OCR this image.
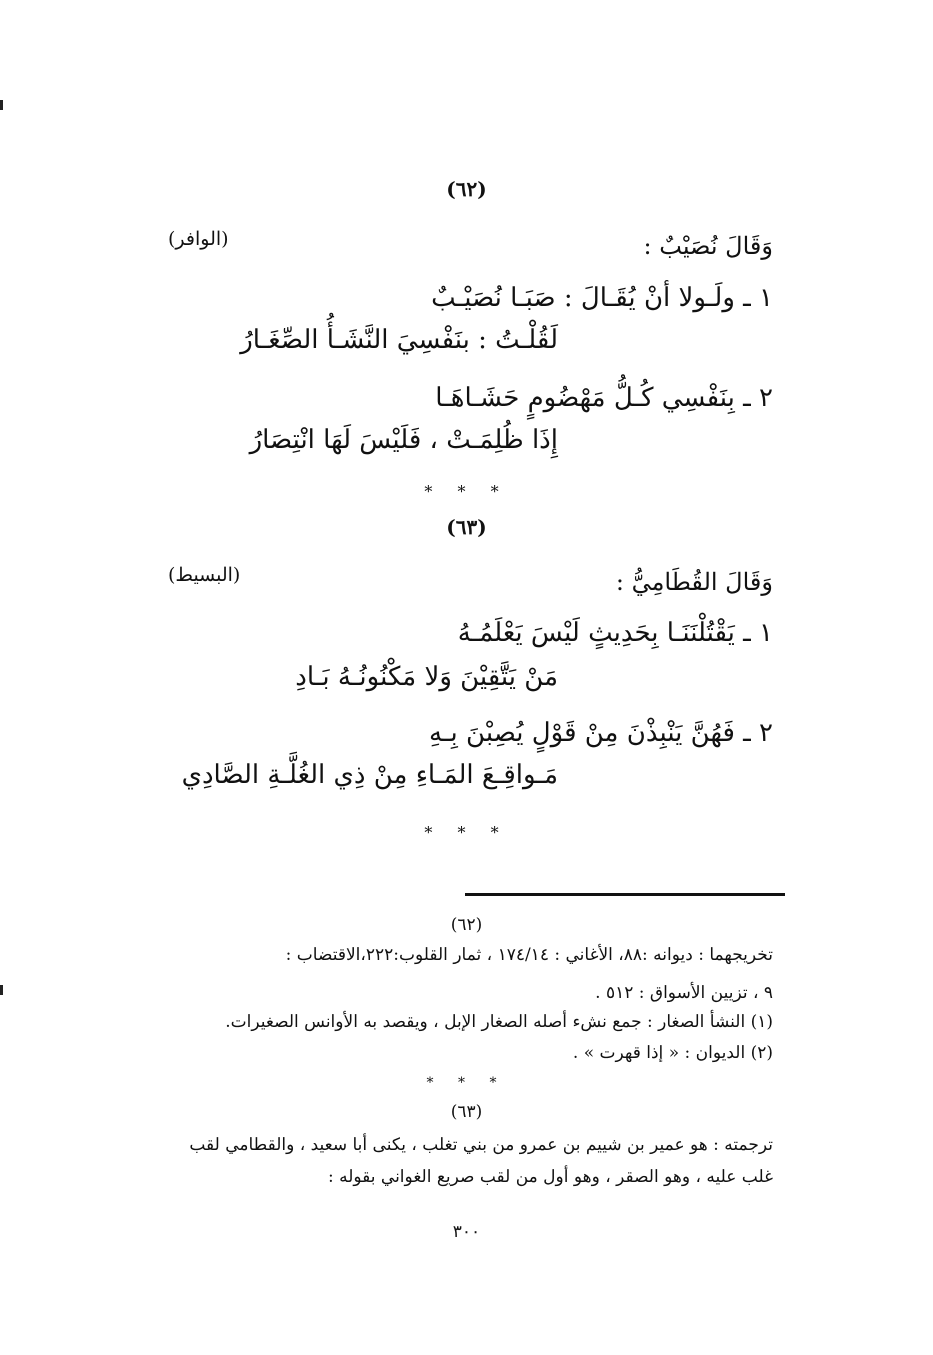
(٦٢)

وَقَالَ نُصَيْبٌ :

(الوافر)

١ ـ ولَـولا أنْ يُقَـالَ : صَبَـا نُصَيْـبٌ

لَقُلْـتُ : بنَفْسِيَ النَّشَـأُ الصِّغَـارُ

٢ ـ بِنَفْسِي كُـلُّ مَهْضُومٍ حَشَـاهَـا

إِذَا ظُلِمَـتْ ، فَلَيْسَ لَهَا انْتِصَارُ

* * *

(٦٣)

وَقَالَ القُطَامِيُّ :

(البسيط)

١ ـ يَقْتُلْنَنَـا بِحَدِيثٍ لَيْسَ يَعْلَمُـهُ

مَنْ يَتَّقِيْنَ وَلا مَكْنُونُـهُ بَـادِ

٢ ـ فَهُنَّ يَنْبِذْنَ مِنْ قَوْلٍ يُصِبْنَ بِـهِ

مَـواقِـعَ المَـاءِ مِنْ ذِي الغُلَّـةِ الصَّادِي

* * *

(٦٢)

تخريجهما : ديوانه :٨٨، الأغاني : ١٧٤/١٤ ، ثمار القلوب:٢٢٢،الاقتضاب :

٩ ، تزيين الأسواق : ٥١٢ .

(١) النشأ الصغار : جمع نشء أصله الصغار الإبل ، ويقصد به الأوانس الصغيرات.

(٢) الديوان : « إذا قهرت » .

* * *

(٦٣)

ترجمته : هو عمير بن شييم بن عمرو من بني تغلب ، يكنى أبا سعيد ، والقطامي لقب

غلب عليه ، وهو الصقر ، وهو أول من لقب صريع الغواني بقوله :

٣٠٠
